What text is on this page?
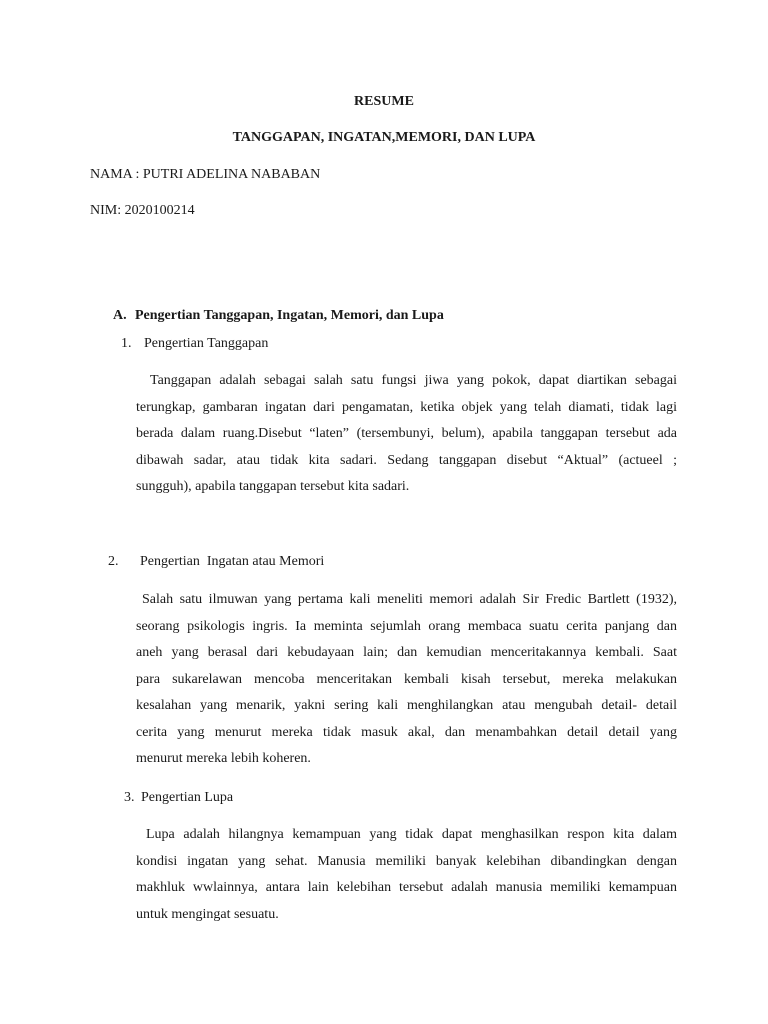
RESUME
TANGGAPAN, INGATAN,MEMORI, DAN LUPA
NAMA : PUTRI ADELINA NABABAN
NIM: 2020100214
A. Pengertian Tanggapan, Ingatan, Memori, dan Lupa
1. Pengertian Tanggapan
Tanggapan adalah sebagai salah satu fungsi jiwa yang pokok, dapat diartikan sebagai
terungkap, gambaran ingatan dari pengamatan, ketika objek yang telah diamati, tidak lagi
berada dalam ruang.Disebut “laten” (tersembunyi, belum), apabila tanggapan tersebut ada
dibawah sadar, atau tidak kita sadari. Sedang tanggapan disebut “Aktual” (actueel ;
sungguh), apabila tanggapan tersebut kita sadari.
2. Pengertian  Ingatan atau Memori
Salah satu ilmuwan yang pertama kali meneliti memori adalah Sir Fredic Bartlett (1932),
seorang psikologis ingris. Ia meminta sejumlah orang membaca suatu cerita panjang dan
aneh yang berasal dari kebudayaan lain; dan kemudian menceritakannya kembali. Saat
para sukarelawan mencoba menceritakan kembali kisah tersebut, mereka melakukan
kesalahan yang menarik, yakni sering kali menghilangkan atau mengubah detail- detail
cerita yang menurut mereka tidak masuk akal, dan menambahkan detail detail yang
menurut mereka lebih koheren.
3. Pengertian Lupa
Lupa adalah hilangnya kemampuan yang tidak dapat menghasilkan respon kita dalam
kondisi ingatan yang sehat. Manusia memiliki banyak kelebihan dibandingkan dengan
makhluk wwlainnya, antara lain kelebihan tersebut adalah manusia memiliki kemampuan
untuk mengingat sesuatu.
